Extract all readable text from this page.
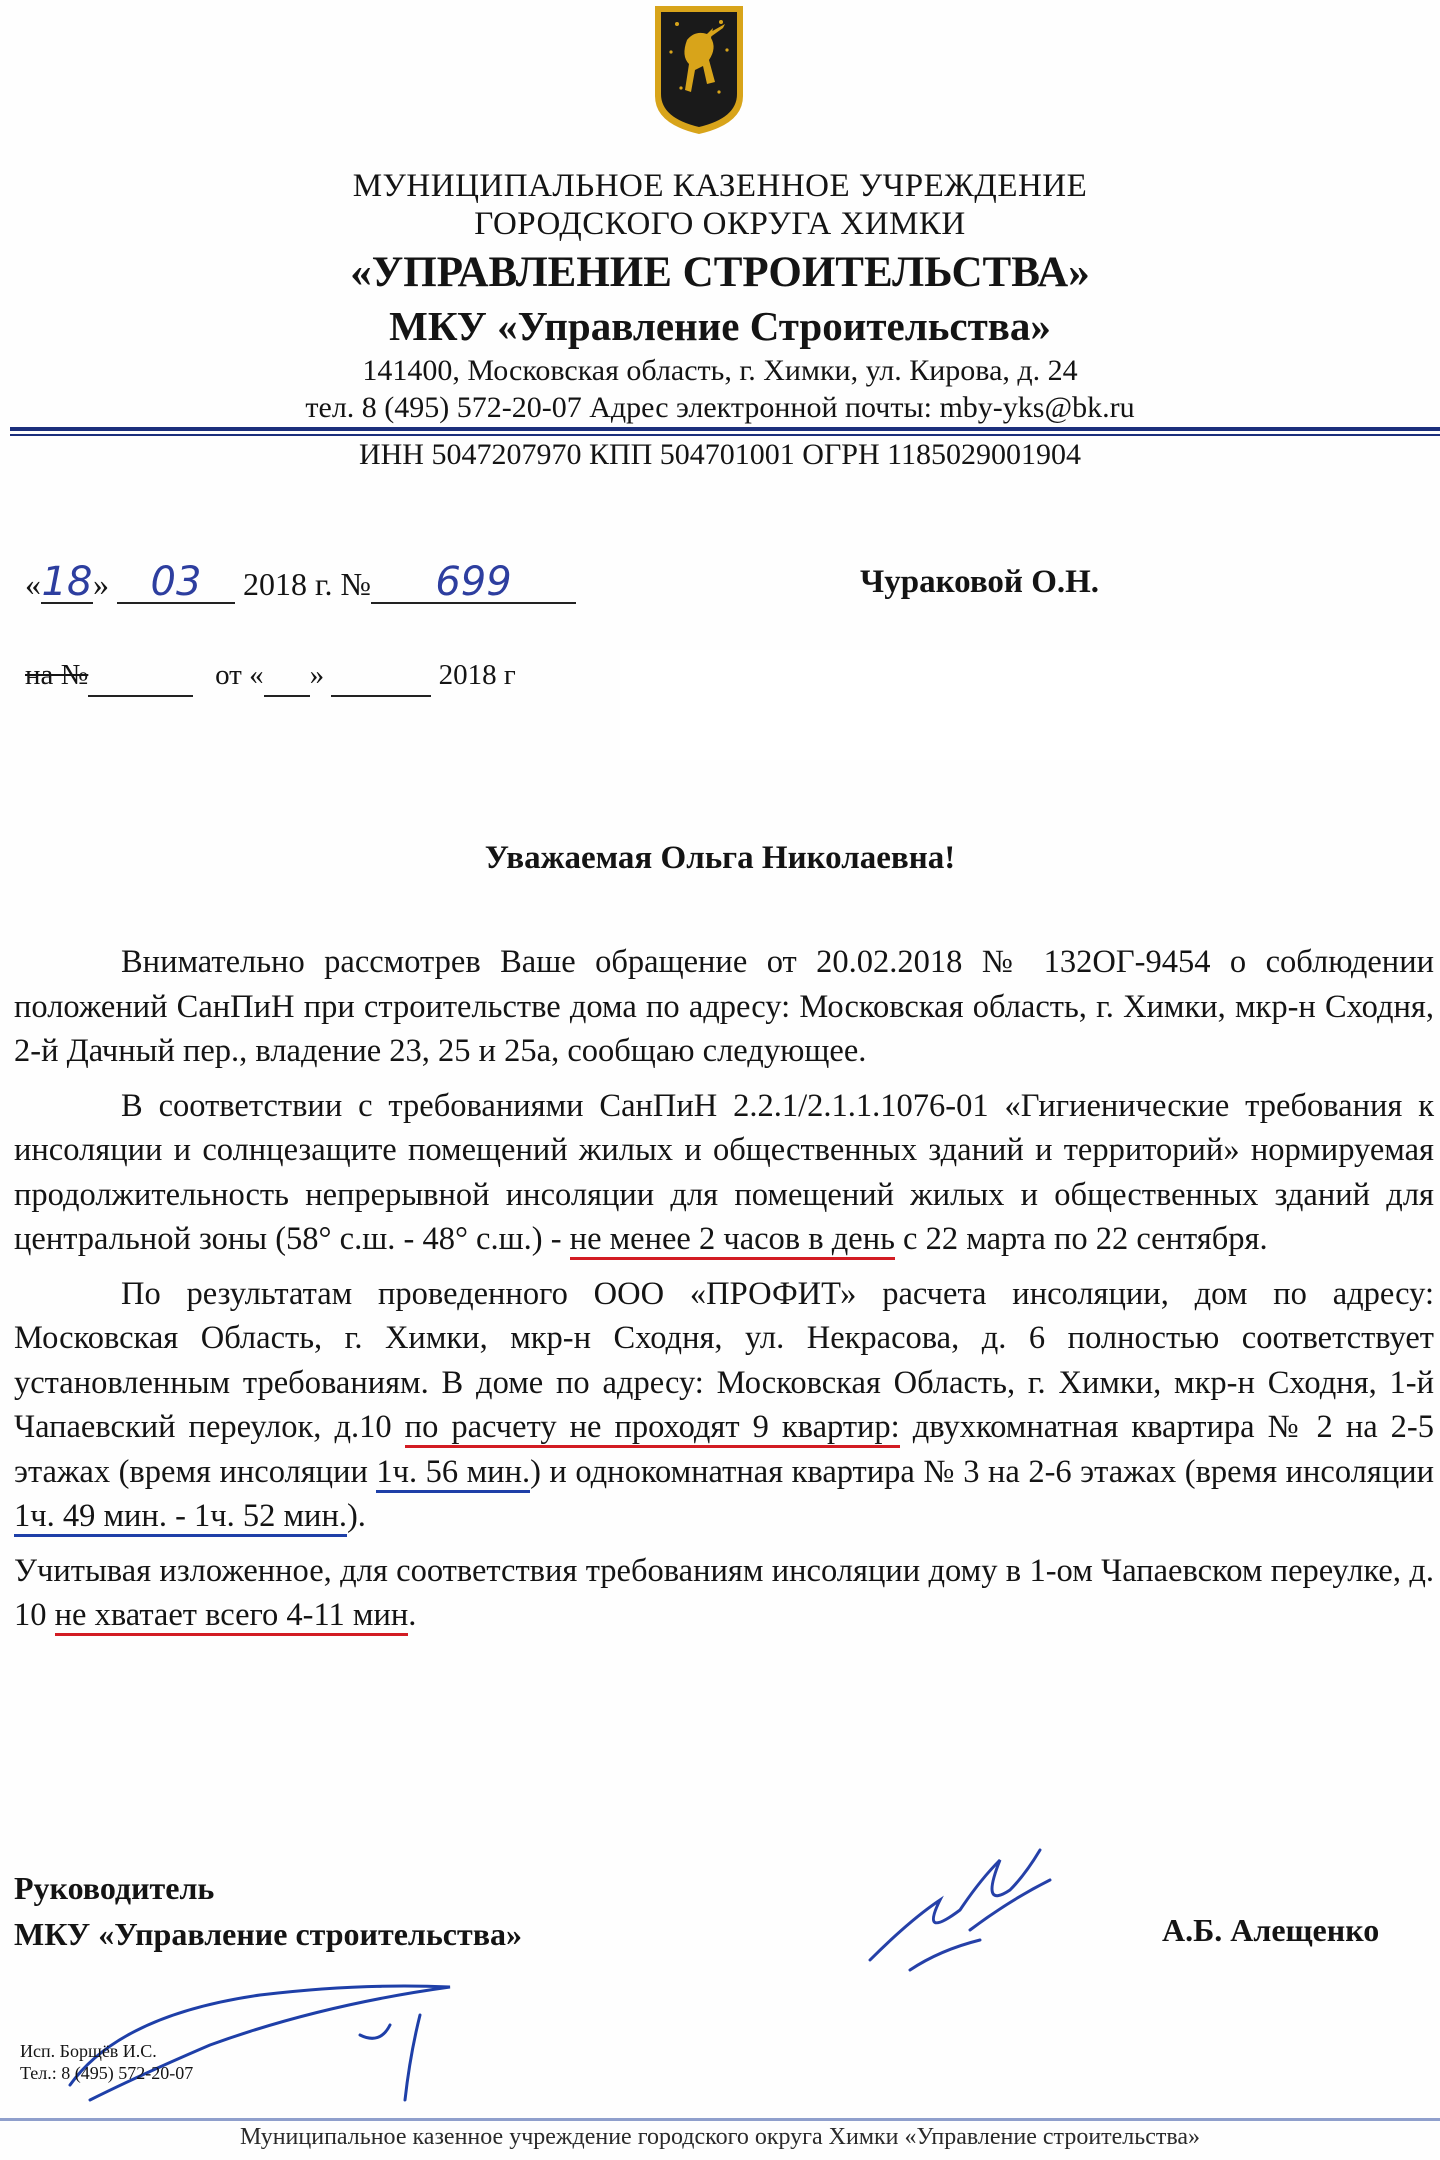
МУНИЦИПАЛЬНОЕ КАЗЕННОЕ УЧРЕЖДЕНИЕ
ГОРОДСКОГО ОКРУГА ХИМКИ
«УПРАВЛЕНИЕ СТРОИТЕЛЬСТВА»
МКУ «Управление Строительства»
141400, Московская область, г. Химки, ул. Кирова, д. 24
тел. 8 (495) 572-20-07 Адрес электронной почты: mby-yks@bk.ru
ИНН 5047207970 КПП 504701001 ОГРН 1185029001904
«18» 03 2018 г. № 699	Чураковой О.Н.
на №	от « »	2018 г
Уважаемая Ольга Николаевна!

Внимательно рассмотрев Ваше обращение от 20.02.2018 № 132ОГ-9454 о соблюдении положений СанПиН при строительстве дома по адресу: Московская область, г. Химки, мкр-н Сходня, 2-й Дачный пер., владение 23, 25 и 25а, сообщаю следующее.

В соответствии с требованиями СанПиН 2.2.1/2.1.1.1076-01 «Гигиенические требования к инсоляции и солнцезащите помещений жилых и общественных зданий и территорий» нормируемая продолжительность непрерывной инсоляции для помещений жилых и общественных зданий для центральной зоны (58° с.ш. - 48° с.ш.) - не менее 2 часов в день с 22 марта по 22 сентября.

По результатам проведенного ООО «ПРОФИТ» расчета инсоляции, дом по адресу: Московская Область, г. Химки, мкр-н Сходня, ул. Некрасова, д. 6 полностью соответствует установленным требованиям. В доме по адресу: Московская Область, г. Химки, мкр-н Сходня, 1-й Чапаевский переулок, д.10 по расчету не проходят 9 квартир: двухкомнатная квартира № 2 на 2-5 этажах (время инсоляции 1ч. 56 мин.) и однокомнатная квартира № 3 на 2-6 этажах (время инсоляции 1ч. 49 мин. - 1ч. 52 мин.).

Учитывая изложенное, для соответствия требованиям инсоляции дому в 1-ом Чапаевском переулке, д. 10 не хватает всего 4-11 мин.

Руководитель
МКУ «Управление строительства»	А.Б. Алещенко
Исп. Борщёв И.С.
Тел.: 8 (495) 572-20-07
Муниципальное казенное учреждение городского округа Химки «Управление строительства»
